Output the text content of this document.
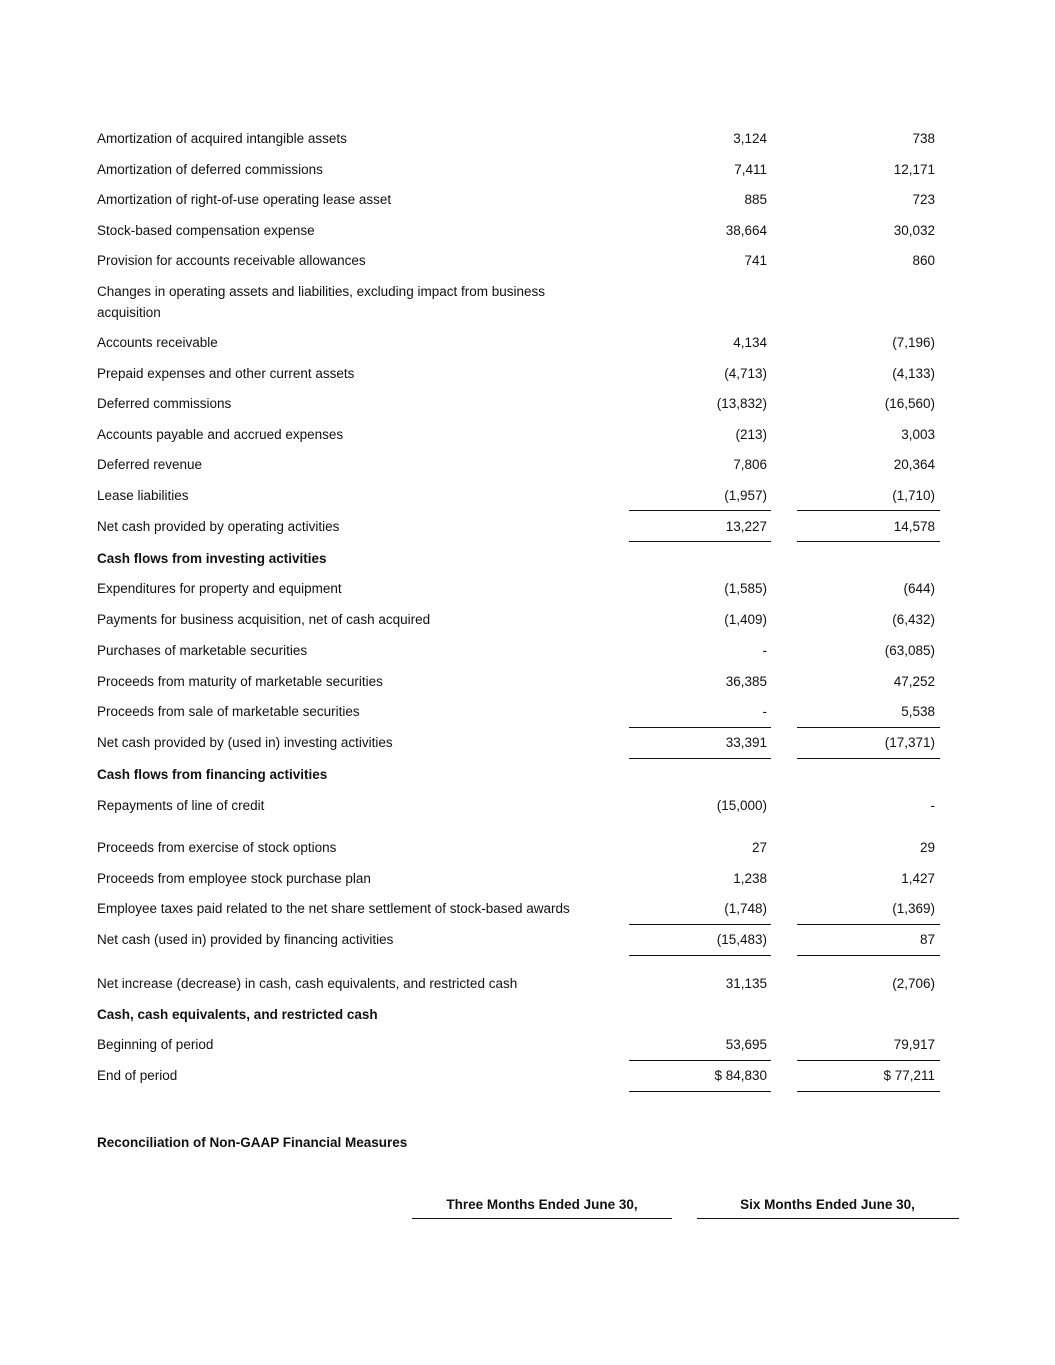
Amortization of acquired intangible assets	3,124	738
Amortization of deferred commissions	7,411	12,171
Amortization of right-of-use operating lease asset	885	723
Stock-based compensation expense	38,664	30,032
Provision for accounts receivable allowances	741	860
Changes in operating assets and liabilities, excluding impact from business acquisition
Accounts receivable	4,134	(7,196)
Prepaid expenses and other current assets	(4,713)	(4,133)
Deferred commissions	(13,832)	(16,560)
Accounts payable and accrued expenses	(213)	3,003
Deferred revenue	7,806	20,364
Lease liabilities	(1,957)	(1,710)
Net cash provided by operating activities	13,227	14,578
Cash flows from investing activities
Expenditures for property and equipment	(1,585)	(644)
Payments for business acquisition, net of cash acquired	(1,409)	(6,432)
Purchases of marketable securities	-	(63,085)
Proceeds from maturity of marketable securities	36,385	47,252
Proceeds from sale of marketable securities	-	5,538
Net cash provided by (used in) investing activities	33,391	(17,371)
Cash flows from financing activities
Repayments of line of credit	(15,000)	-
Proceeds from exercise of stock options	27	29
Proceeds from employee stock purchase plan	1,238	1,427
Employee taxes paid related to the net share settlement of stock-based awards	(1,748)	(1,369)
Net cash (used in) provided by financing activities	(15,483)	87
Net increase (decrease) in cash, cash equivalents, and restricted cash	31,135	(2,706)
Cash, cash equivalents, and restricted cash
Beginning of period	53,695	79,917
End of period	$ 84,830	$ 77,211
Reconciliation of Non-GAAP Financial Measures
Three Months Ended June 30,	Six Months Ended June 30,
